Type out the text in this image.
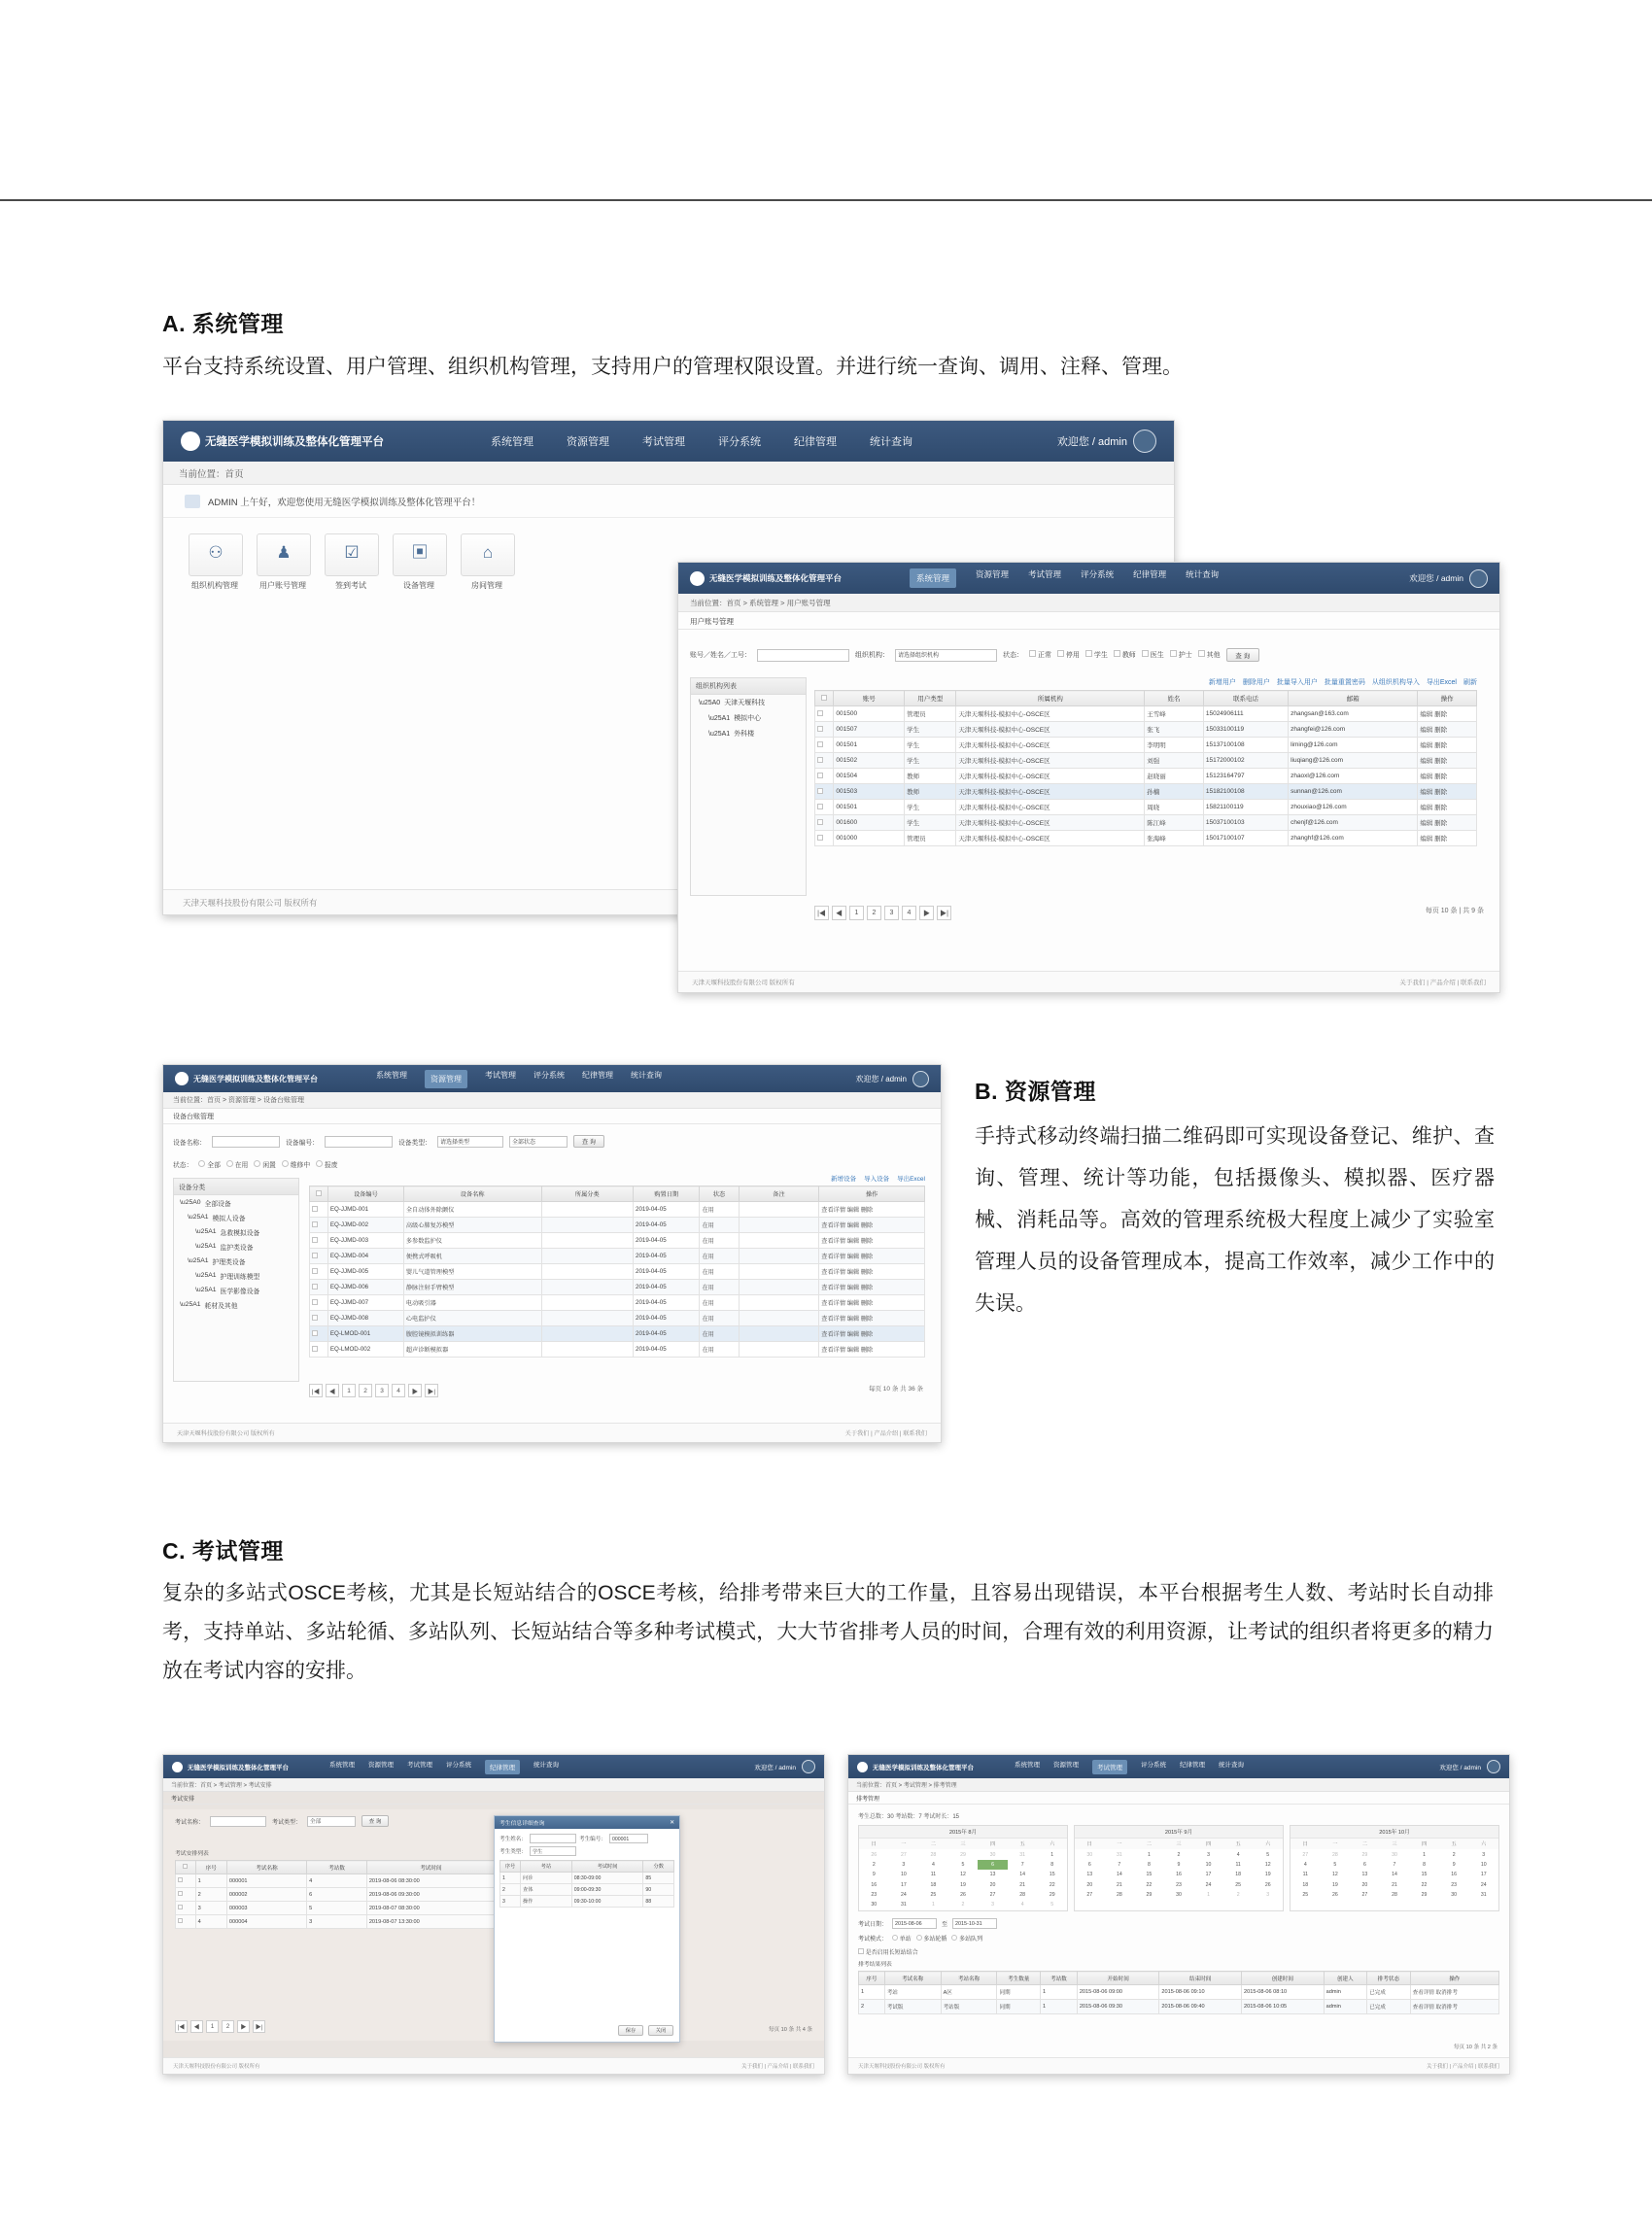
A. 系统管理
平台支持系统设置、用户管理、组织机构管理，支持用户的管理权限设置。并进行统一查询、调用、注释、管理。
无缝医学模拟训练及整体化管理平台	系统管理	资源管理	考试管理	评分系统	纪律管理	统计查询	欢迎您 / admin
当前位置：首页
ADMIN 上午好，欢迎您使用无缝医学模拟训练及整体化管理平台！
⚇
组织机构管理
♟
用户账号管理
☑
签到考试
▣
设备管理
⌂
房间管理
天津天堰科技股份有限公司 版权所有
无缝医学模拟训练及整体化管理平台	系统管理	资源管理 考试管理 评分系统 纪律管理 统计查询	欢迎您 / admin
当前位置：首页 > 系统管理 > 用户账号管理
用户账号管理
账号／姓名／工号：	组织机构：	请选择组织机构	状态：	正常	停用	学生	教师	医生	护士	其他	查 询
组织机构列表
\u25A0 天津天堰科技
\u25A1 模拟中心
\u25A1 外科楼
新增用户 删除用户 批量导入用户 批量重置密码 从组织机构导入 导出Excel 刷新
	账号	用户类型	所属机构	姓名	联系电话	邮箱	操作
	001500	管理员	天津天堰科技-模拟中心-OSCE区	王雪峰	15024906111	zhangsan@163.com	编辑 删除
	001507	学生	天津天堰科技-模拟中心-OSCE区	张飞	15033100119	zhangfei@126.com	编辑 删除
	001501	学生	天津天堰科技-模拟中心-OSCE区	李明明	15137100108	liming@126.com	编辑 删除
	001502	学生	天津天堰科技-模拟中心-OSCE区	刘强	15172000102	liuqiang@126.com	编辑 删除
	001504	教师	天津天堰科技-模拟中心-OSCE区	赵晓丽	15123164797	zhaoxl@126.com	编辑 删除
	001503	教师	天津天堰科技-模拟中心-OSCE区	孙楠	15182100108	sunnan@126.com	编辑 删除
	001501	学生	天津天堰科技-模拟中心-OSCE区	周晓	15821100119	zhouxiao@126.com	编辑 删除
	001600	学生	天津天堰科技-模拟中心-OSCE区	陈江峰	15037100103	chenjf@126.com	编辑 删除
	001000	管理员	天津天堰科技-模拟中心-OSCE区	张海峰	15017100107	zhanghf@126.com	编辑 删除
|◀	◀	1	2	3	4	▶	▶|	每页 10 条 | 共 9 条
天津天堰科技股份有限公司 版权所有	关于我们 | 产品介绍 | 联系我们
B. 资源管理
手持式移动终端扫描二维码即可实现设备登记、维护、查询、管理、统计等功能，包括摄像头、模拟器、医疗器械、消耗品等。高效的管理系统极大程度上减少了实验室管理人员的设备管理成本，提高工作效率，减少工作中的失误。
无缝医学模拟训练及整体化管理平台	系统管理	资源管理	考试管理 评分系统 纪律管理 统计查询	欢迎您 / admin
当前位置：首页 > 资源管理 > 设备台账管理
设备台账管理
设备名称：	设备编号：	设备类型：	请选择类型	全部状态	查 询
状态：	全部	在用	闲置	维修中	报废
设备分类
\u25A0 全部设备
\u25A1 模拟人设备
\u25A1 急救模拟设备
\u25A1 监护类设备
\u25A1 护理类设备
\u25A1 护理训练模型
\u25A1 医学影像设备
\u25A1 耗材及其他
新增设备 导入设备 导出Excel
	设备编号	设备名称	所属分类	购置日期	状态	备注	操作
	EQ-JJMD-001	全自动体外除颤仪		2019-04-05	在用		查看详情 编辑 删除
	EQ-JJMD-002	高级心肺复苏模型		2019-04-05	在用		查看详情 编辑 删除
	EQ-JJMD-003	多参数监护仪		2019-04-05	在用		查看详情 编辑 删除
	EQ-JJMD-004	便携式呼吸机		2019-04-05	在用		查看详情 编辑 删除
	EQ-JJMD-005	婴儿气道管理模型		2019-04-05	在用		查看详情 编辑 删除
	EQ-JJMD-006	静脉注射手臂模型		2019-04-05	在用		查看详情 编辑 删除
	EQ-JJMD-007	电动吸引器		2019-04-05	在用		查看详情 编辑 删除
	EQ-JJMD-008	心电监护仪		2019-04-05	在用		查看详情 编辑 删除
	EQ-LMOD-001	腹腔镜模拟训练器		2019-04-05	在用		查看详情 编辑 删除
	EQ-LMOD-002	超声诊断模拟器		2019-04-05	在用		查看详情 编辑 删除
|◀	◀	1	2	3	4	▶	▶|	每页 10 条 共 36 条
天津天堰科技股份有限公司 版权所有	关于我们 | 产品介绍 | 联系我们
C. 考试管理
复杂的多站式OSCE考核，尤其是长短站结合的OSCE考核，给排考带来巨大的工作量，且容易出现错误，本平台根据考生人数、考站时长自动排考，支持单站、多站轮循、多站队列、长短站结合等多种考试模式，大大节省排考人员的时间，合理有效的利用资源，让考试的组织者将更多的精力放在考试内容的安排。
无缝医学模拟训练及整体化管理平台	系统管理 资源管理 考试管理 评分系统	纪律管理	统计查询	欢迎您 / admin
当前位置：首页 > 考试管理 > 考试安排
考试安排
考试名称：	考试类型：	全部	查 询
考试安排列表
	序号	考试名称	考站数	考试时间
	1	000001	4	2019-08-06 08:30:00
	2	000002	6	2019-08-06 09:30:00
	3	000003	5	2019-08-07 08:30:00
	4	000004	3	2019-08-07 13:30:00
考生信息详细查询	✕
考生姓名：	考生编号：	000001
考生类型：	学生
序号	考站	考试时间	分数
1	问诊	08:30-09:00	85
2	查体	09:00-09:30	90
3	操作	09:30-10:00	88
保存	关闭
|◀	◀	1	2	▶	▶|	每页 10 条 共 4 条
天津天堰科技股份有限公司 版权所有	关于我们 | 产品介绍 | 联系我们
无缝医学模拟训练及整体化管理平台	系统管理 资源管理	考试管理	评分系统 纪律管理 统计查询	欢迎您 / admin
当前位置：首页 > 考试管理 > 排考管理
排考管理
考生总数：30 考站数：7 考试时长：15
2015年 8月
日	一	二	三	四	五	六
26	27	28	29	30	31	1
2	3	4	5	6	7	8
9	10	11	12	13	14	15
16	17	18	19	20	21	22
23	24	25	26	27	28	29
30	31	1	2	3	4	5
2015年 9月
日	一	二	三	四	五	六
30	31	1	2	3	4	5
6	7	8	9	10	11	12
13	14	15	16	17	18	19
20	21	22	23	24	25	26
27	28	29	30	1	2	3
2015年 10月
日	一	二	三	四	五	六
27	28	29	30	1	2	3
4	5	6	7	8	9	10
11	12	13	14	15	16	17
18	19	20	21	22	23	24
25	26	27	28	29	30	31
考试日期：	2015-08-06	至	2015-10-31
考试模式：	单站	多站轮循	多站队列
是否启用长短站结合
排考结果列表
序号	考试名称	考站名称	考生数量	考站数	开始时间	结束时间	创建时间	创建人	排考状态	操作
1	考站	A区	同期	1	2015-08-06 09:00	2015-08-06 09:10	2015-08-06 08:10	admin	已完成	查看详情 取消排考
2	考试版	考站版	同期	1	2015-08-06 09:30	2015-08-06 09:40	2015-08-06 10:05	admin	已完成	查看详情 取消排考
每页 10 条 共 2 条
天津天堰科技股份有限公司 版权所有	关于我们 | 产品介绍 | 联系我们
